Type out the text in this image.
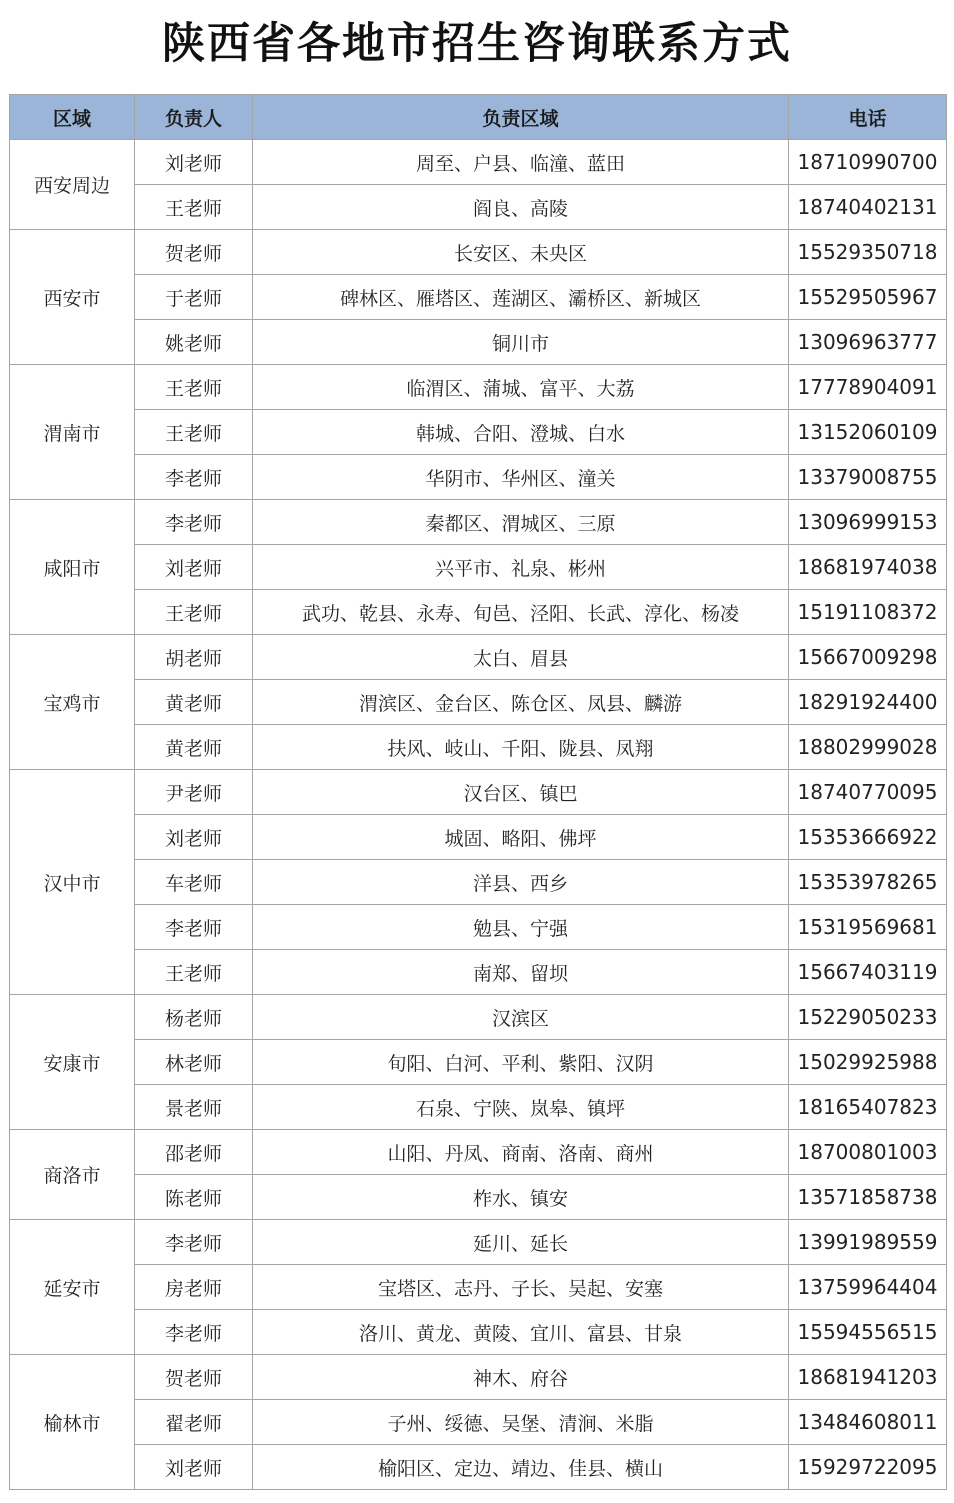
陕西省各地市招生咨询联系方式
区域	负责人	负责区域	电话
西安周边	刘老师	周至、户县、临潼、蓝田	18710990700
	王老师	阎良、高陵	18740402131
西安市	贺老师	长安区、未央区	15529350718
	于老师	碑林区、雁塔区、莲湖区、灞桥区、新城区	15529505967
	姚老师	铜川市	13096963777
渭南市	王老师	临渭区、蒲城、富平、大荔	17778904091
	王老师	韩城、合阳、澄城、白水	13152060109
	李老师	华阴市、华州区、潼关	13379008755
咸阳市	李老师	秦都区、渭城区、三原	13096999153
	刘老师	兴平市、礼泉、彬州	18681974038
	王老师	武功、乾县、永寿、旬邑、泾阳、长武、淳化、杨凌	15191108372
宝鸡市	胡老师	太白、眉县	15667009298
	黄老师	渭滨区、金台区、陈仓区、凤县、麟游	18291924400
	黄老师	扶风、岐山、千阳、陇县、凤翔	18802999028
汉中市	尹老师	汉台区、镇巴	18740770095
	刘老师	城固、略阳、佛坪	15353666922
	车老师	洋县、西乡	15353978265
	李老师	勉县、宁强	15319569681
	王老师	南郑、留坝	15667403119
安康市	杨老师	汉滨区	15229050233
	林老师	旬阳、白河、平利、紫阳、汉阴	15029925988
	景老师	石泉、宁陕、岚皋、镇坪	18165407823
商洛市	邵老师	山阳、丹凤、商南、洛南、商州	18700801003
	陈老师	柞水、镇安	13571858738
延安市	李老师	延川、延长	13991989559
	房老师	宝塔区、志丹、子长、吴起、安塞	13759964404
	李老师	洛川、黄龙、黄陵、宜川、富县、甘泉	15594556515
榆林市	贺老师	神木、府谷	18681941203
	翟老师	子州、绥德、吴堡、清涧、米脂	13484608011
	刘老师	榆阳区、定边、靖边、佳县、横山	15929722095
